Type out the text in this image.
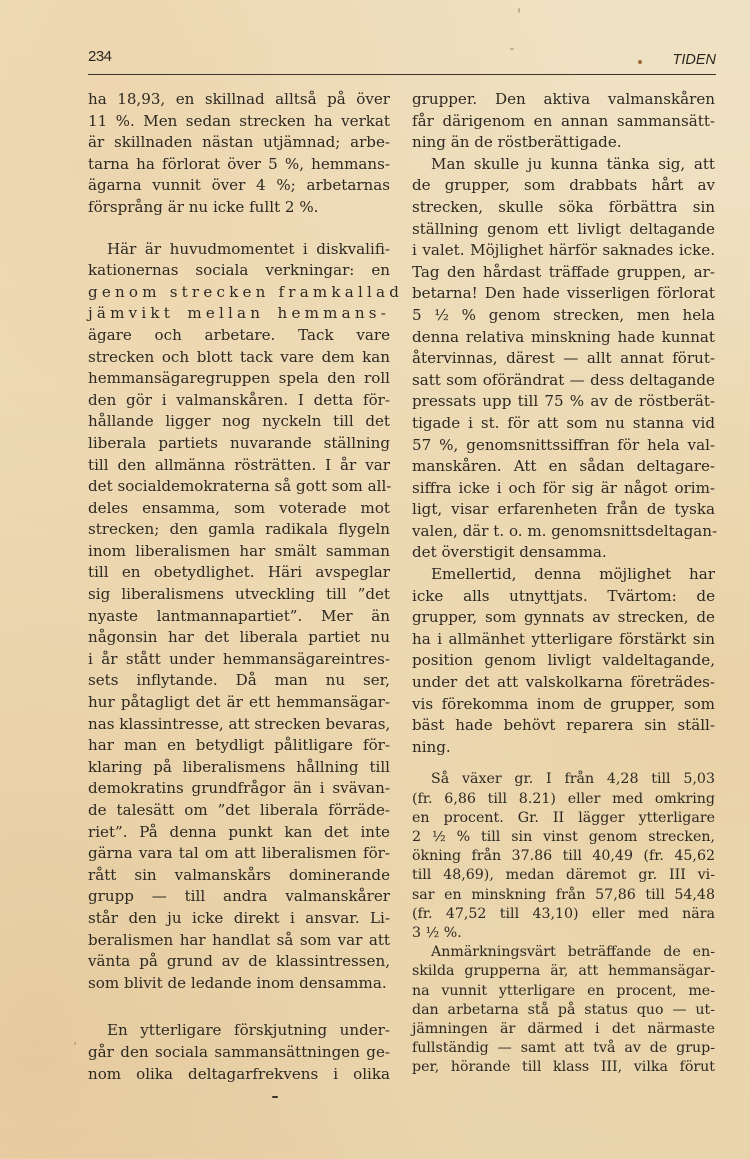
234	TIDEN

ha 18,93, en skillnad alltså på över
11 %. Men sedan strecken ha verkat
är skillnaden nästan utjämnad; arbe-
tarna ha förlorat över 5 %, hemmans-
ägarna vunnit över 4 %; arbetarnas
försprång är nu icke fullt 2 %.

Här är huvudmomentet i diskvalifi-
kationernas sociala verkningar: en
genom strecken framkallad
jämvikt mellan hemmans-
ägare och arbetare. Tack vare
strecken och blott tack vare dem kan
hemmansägaregruppen spela den roll
den gör i valmanskåren. I detta för-
hållande ligger nog nyckeln till det
liberala partiets nuvarande ställning
till den allmänna rösträtten. I år var
det socialdemokraterna så gott som all-
deles ensamma, som voterade mot
strecken; den gamla radikala flygeln
inom liberalismen har smält samman
till en obetydlighet. Häri avspeglar
sig liberalismens utveckling till ”det
nyaste lantmannapartiet”. Mer än
någonsin har det liberala partiet nu
i år stått under hemmansägareintres-
sets inflytande. Då man nu ser,
hur påtagligt det är ett hemmansägar-
nas klassintresse, att strecken bevaras,
har man en betydligt pålitligare för-
klaring på liberalismens hållning till
demokratins grundfrågor än i svävan-
de talesätt om ”det liberala förräde-
riet”. På denna punkt kan det inte
gärna vara tal om att liberalismen för-
rått sin valmanskårs dominerande
grupp — till andra valmanskårer
står den ju icke direkt i ansvar. Li-
beralismen har handlat så som var att
vänta på grund av de klassintressen,
som blivit de ledande inom densamma.

En ytterligare förskjutning under-
går den sociala sammansättningen ge-
nom olika deltagarfrekvens i olika

grupper. Den aktiva valmanskåren
får därigenom en annan sammansätt-
ning än de röstberättigade.

Man skulle ju kunna tänka sig, att
de grupper, som drabbats hårt av
strecken, skulle söka förbättra sin
ställning genom ett livligt deltagande
i valet. Möjlighet härför saknades icke.
Tag den hårdast träffade gruppen, ar-
betarna! Den hade visserligen förlorat
5 ½ % genom strecken, men hela
denna relativa minskning hade kunnat
återvinnas, därest — allt annat förut-
satt som oförändrat — dess deltagande
pressats upp till 75 % av de röstberät-
tigade i st. för att som nu stanna vid
57 %, genomsnittssiffran för hela val-
manskåren. Att en sådan deltagare-
siffra icke i och för sig är något orim-
ligt, visar erfarenheten från de tyska
valen, där t. o. m. genomsnittsdeltagan-
det överstigit densamma.

Emellertid, denna möjlighet har
icke alls utnyttjats. Tvärtom: de
grupper, som gynnats av strecken, de
ha i allmänhet ytterligare förstärkt sin
position genom livligt valdeltagande,
under det att valskolkarna företrädes-
vis förekomma inom de grupper, som
bäst hade behövt reparera sin ställ-
ning.

Så växer gr. I från 4,28 till 5,03
(fr. 6,86 till 8.21) eller med omkring
en procent. Gr. II lägger ytterligare
2 ½ % till sin vinst genom strecken,
ökning från 37.86 till 40,49 (fr. 45,62
till 48,69), medan däremot gr. III vi-
sar en minskning från 57,86 till 54,48
(fr. 47,52 till 43,10) eller med nära
3 ½ %.

Anmärkningsvärt beträffande de en-
skilda grupperna är, att hemmansägar-
na vunnit ytterligare en procent, me-
dan arbetarna stå på status quo — ut-
jämningen är därmed i det närmaste
fullständig — samt att två av de grup-
per, hörande till klass III, vilka förut
